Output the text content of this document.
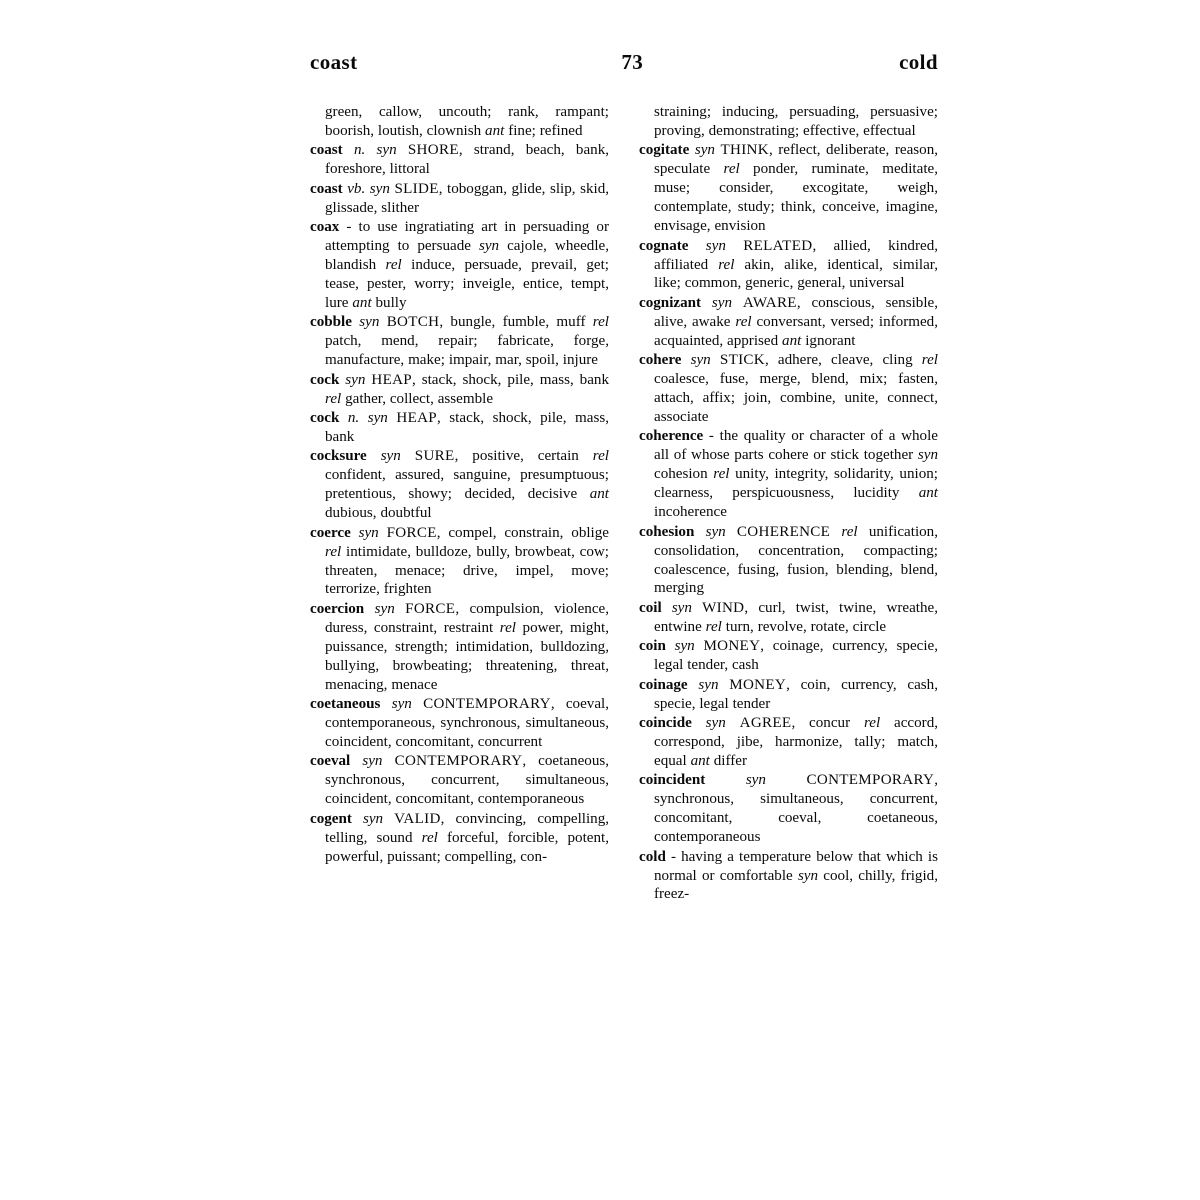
coast	73	cold

green, callow, uncouth; rank, rampant; boorish, loutish, clownish ant fine; refined

coast n. syn SHORE, strand, beach, bank, foreshore, littoral

coast vb. syn SLIDE, toboggan, glide, slip, skid, glissade, slither

coax - to use ingratiating art in persuading or attempting to persuade syn cajole, wheedle, blandish rel induce, persuade, prevail, get; tease, pester, worry; inveigle, entice, tempt, lure ant bully

cobble syn BOTCH, bungle, fumble, muff rel patch, mend, repair; fabricate, forge, manufacture, make; impair, mar, spoil, injure

cock syn HEAP, stack, shock, pile, mass, bank rel gather, collect, assemble

cock n. syn HEAP, stack, shock, pile, mass, bank

cocksure syn SURE, positive, certain rel confident, assured, sanguine, presumptuous; pretentious, showy; decided, decisive ant dubious, doubtful

coerce syn FORCE, compel, constrain, oblige rel intimidate, bulldoze, bully, browbeat, cow; threaten, menace; drive, impel, move; terrorize, frighten

coercion syn FORCE, compulsion, violence, duress, constraint, restraint rel power, might, puissance, strength; intimidation, bulldozing, bullying, browbeating; threatening, threat, menacing, menace

coetaneous syn CONTEMPORARY, coeval, contemporaneous, synchronous, simultaneous, coincident, concomitant, concurrent

coeval syn CONTEMPORARY, coetaneous, synchronous, concurrent, simultaneous, coincident, concomitant, contemporaneous

cogent syn VALID, convincing, compelling, telling, sound rel forceful, forcible, potent, powerful, puissant; compelling, con-

straining; inducing, persuading, persuasive; proving, demonstrating; effective, effectual

cogitate syn THINK, reflect, deliberate, reason, speculate rel ponder, ruminate, meditate, muse; consider, excogitate, weigh, contemplate, study; think, conceive, imagine, envisage, envision

cognate syn RELATED, allied, kindred, affiliated rel akin, alike, identical, similar, like; common, generic, general, universal

cognizant syn AWARE, conscious, sensible, alive, awake rel conversant, versed; informed, acquainted, apprised ant ignorant

cohere syn STICK, adhere, cleave, cling rel coalesce, fuse, merge, blend, mix; fasten, attach, affix; join, combine, unite, connect, associate

coherence - the quality or character of a whole all of whose parts cohere or stick together syn cohesion rel unity, integrity, solidarity, union; clearness, perspicuousness, lucidity ant incoherence

cohesion syn COHERENCE rel unification, consolidation, concentration, compacting; coalescence, fusing, fusion, blending, blend, merging

coil syn WIND, curl, twist, twine, wreathe, entwine rel turn, revolve, rotate, circle

coin syn MONEY, coinage, currency, specie, legal tender, cash

coinage syn MONEY, coin, currency, cash, specie, legal tender

coincide syn AGREE, concur rel accord, correspond, jibe, harmonize, tally; match, equal ant differ

coincident	syn	CONTEMPORARY, synchronous, simultaneous, concurrent, concomitant, coeval, coetaneous, contemporaneous

cold - having a temperature below that which is normal or comfortable syn cool, chilly, frigid, freez-
